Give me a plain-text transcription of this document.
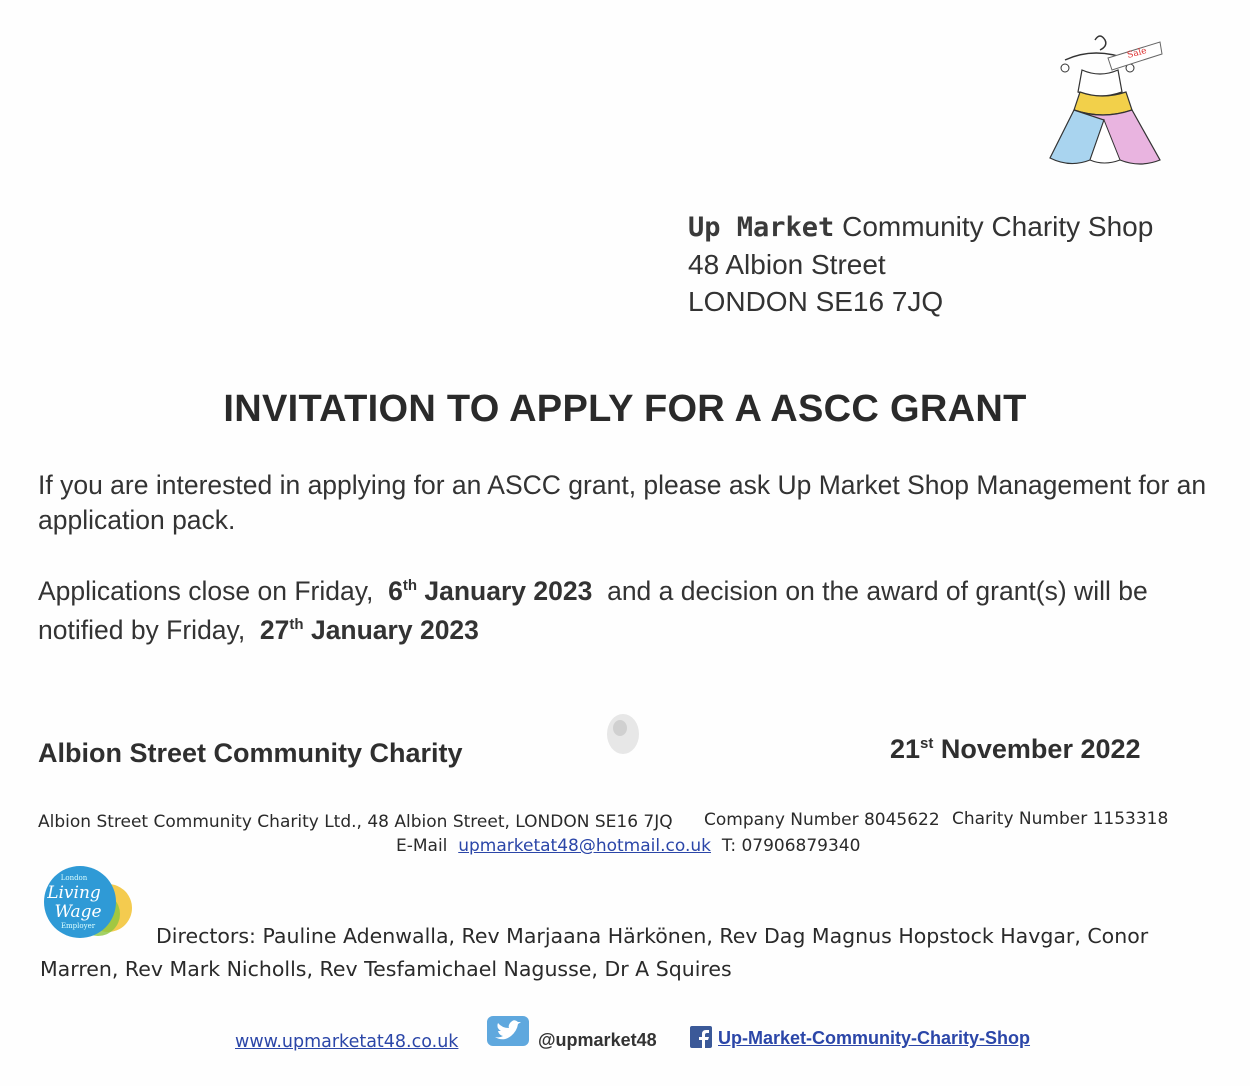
Sale
Up Market Community Charity Shop
48 Albion Street
LONDON SE16 7JQ
INVITATION TO APPLY FOR A ASCC GRANT
If you are interested in applying for an ASCC grant, please ask Up Market Shop Management for an application pack.
Applications close on Friday, 6th January 2023 and a decision on the award of grant(s) will be notified by Friday, 27th January 2023
Albion Street Community Charity	21st November 2022
Albion Street Community Charity Ltd., 48 Albion Street, LONDON SE16 7JQ Company Number 8045622 Charity Number 1153318
E-Mail upmarketat48@hotmail.co.uk T: 07906879340
London
Living
Wage
Employer	Directors: Pauline Adenwalla, Rev Marjaana Härkönen, Rev Dag Magnus Hopstock Havgar, Conor Marren, Rev Mark Nicholls, Rev Tesfamichael Nagusse, Dr A Squires
www.upmarketat48.co.uk	@upmarket48	Up-Market-Community-Charity-Shop
